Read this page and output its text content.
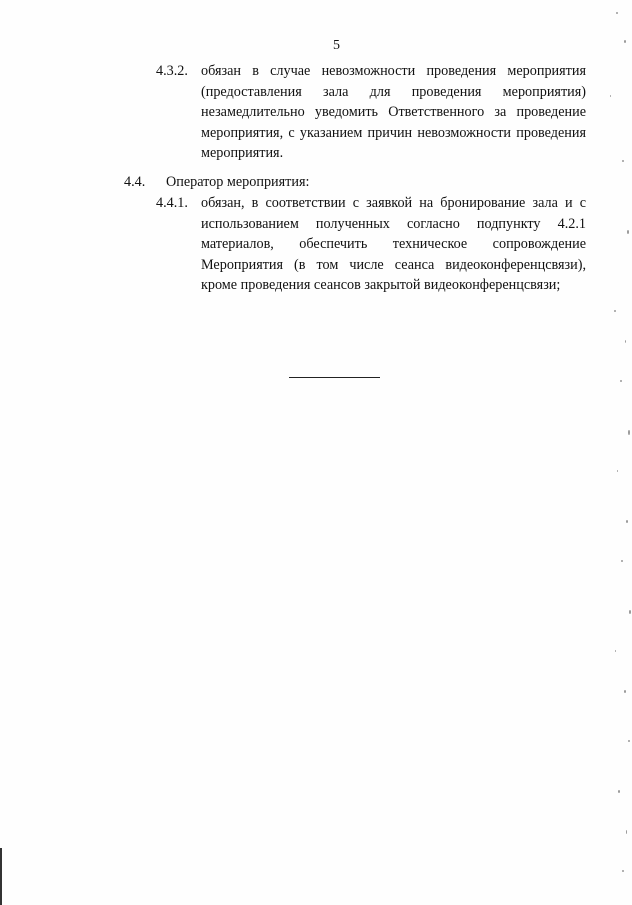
5
4.3.2. обязан в случае невозможности проведения мероприятия (предоставления зала для проведения мероприятия) незамедлительно уведомить Ответственного за проведение мероприятия, с указанием причин невозможности проведения мероприятия.
4.4. Оператор мероприятия:
4.4.1. обязан, в соответствии с заявкой на бронирование зала и с использованием полученных согласно подпункту 4.2.1 материалов, обеспечить техническое сопровождение Мероприятия (в том числе сеанса видеоконференцсвязи), кроме проведения сеансов закрытой видеоконференцсвязи;
